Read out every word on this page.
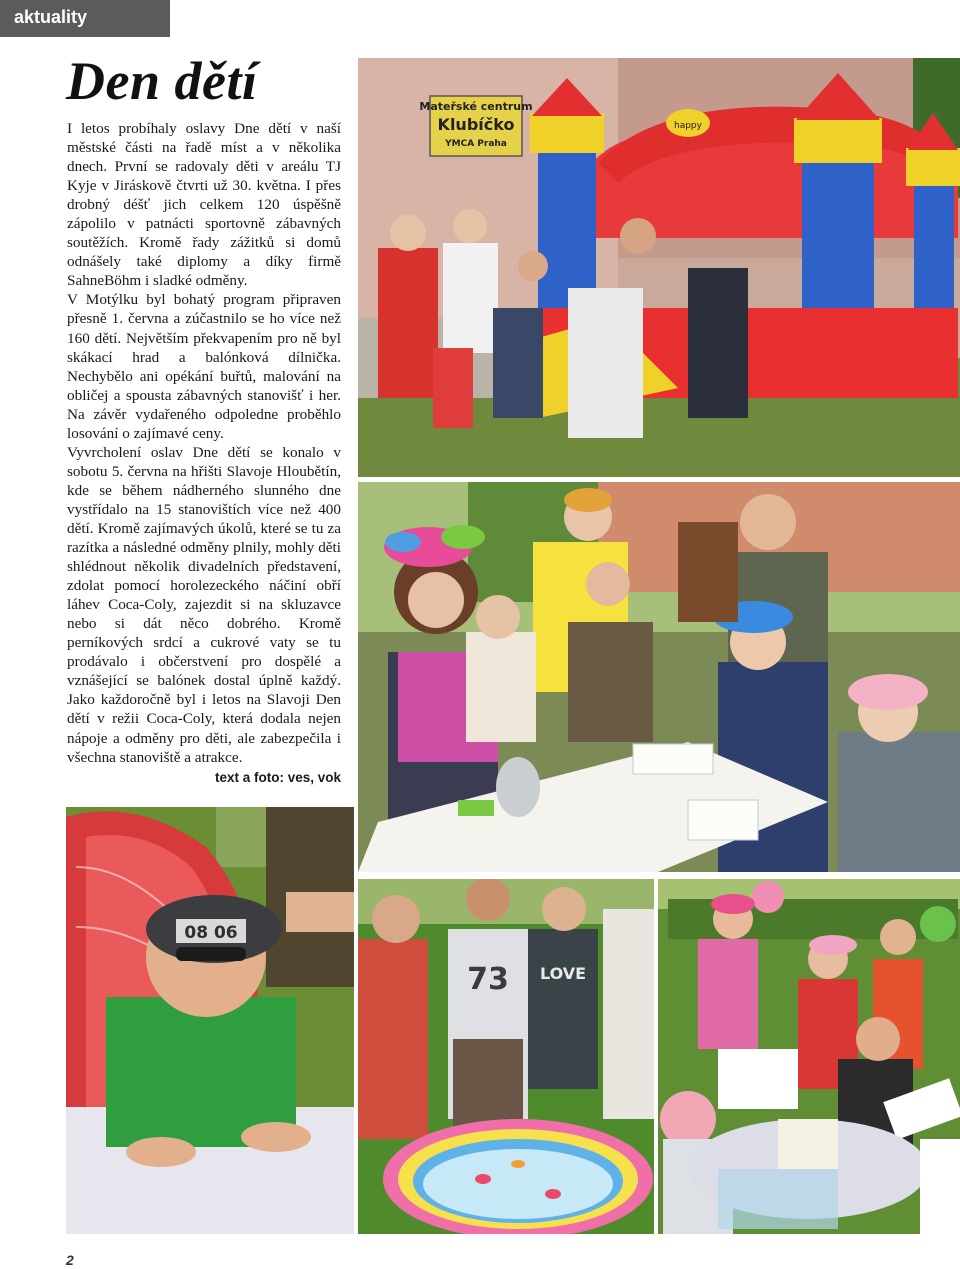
aktuality
Den dětí

I letos probíhaly oslavy Dne dětí v naší městské části na řadě míst a v několika dnech. První se radovaly děti v areálu TJ Kyje v Jiráskově čtvrti už 30. května. I přes drobný déšť jich celkem 120 úspěšně zápolilo v patnácti sportovně zábavných soutěžích. Kromě řady zážitků si domů odnášely také diplomy a díky firmě SahneBöhm i sladké odměny.

V Motýlku byl bohatý program připraven přesně 1. června a zúčastnilo se ho více než 160 dětí. Největším překvapením pro ně byl skákací hrad a balónková dílnička. Nechybělo ani opékání buřtů, malování na obličej a spousta zábavných stanovišť i her. Na závěr vydařeného odpoledne proběhlo losování o zajímavé ceny.

Vyvrcholení oslav Dne dětí se konalo v sobotu 5. června na hřišti Slavoje Hloubětín, kde se během nádherného slunného dne vystřídalo na 15 stanovištích více než 400 dětí. Kromě zajímavých úkolů, které se tu za razítka a následné odměny plnily, mohly děti shlédnout několik divadelních představení, zdolat pomocí horolezeckého náčiní obří láhev Coca-Coly, zajezdit si na skluzavce nebo si dát něco dobrého. Kromě perníkových srdcí a cukrové vaty se tu prodávalo i občerstvení pro dospělé a vznášející se balónek dostal úplně každý. Jako každoročně byl i letos na Slavoji Den dětí v režii Coca-Coly, která dodala nejen nápoje a odměny pro děti, ale zabezpečila i všechna stanoviště a atrakce.

text a foto: ves, vok

Mateřské centrum
Klubíčko
YMCA Praha
happy
08 06
73 LOVE
2
